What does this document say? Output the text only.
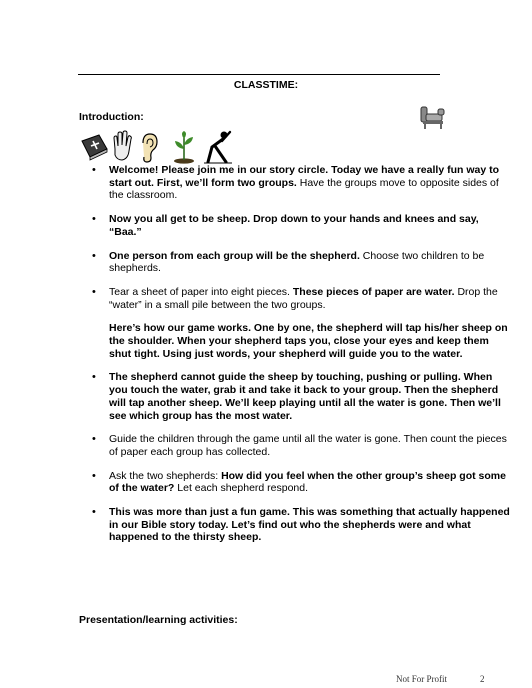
CLASSTIME:
Introduction:
• Welcome! Please join me in our story circle. Today we have a really fun way to start out. First, we’ll form two groups. Have the groups move to opposite sides of the classroom.
• Now you all get to be sheep. Drop down to your hands and knees and say, “Baa.”
• One person from each group will be the shepherd. Choose two children to be shepherds.
• Tear a sheet of paper into eight pieces. These pieces of paper are water. Drop the “water” in a small pile between the two groups.
Here’s how our game works. One by one, the shepherd will tap his/her sheep on the shoulder. When your shepherd taps you, close your eyes and keep them shut tight. Using just words, your shepherd will guide you to the water.
• The shepherd cannot guide the sheep by touching, pushing or pulling. When you touch the water, grab it and take it back to your group. Then the shepherd will tap another sheep. We’ll keep playing until all the water is gone. Then we’ll see which group has the most water.
• Guide the children through the game until all the water is gone. Then count the pieces of paper each group has collected.
• Ask the two shepherds: How did you feel when the other group’s sheep got some of the water? Let each shepherd respond.
• This was more than just a fun game. This was something that actually happened in our Bible story today. Let’s find out who the shepherds were and what happened to the thirsty sheep.
Presentation/learning activities:
Not For Profit	2
